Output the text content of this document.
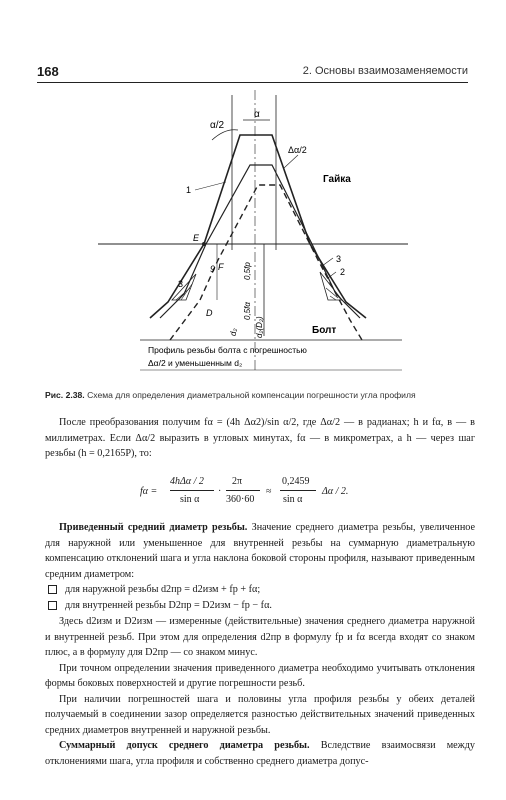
168	2. Основы взаимозаменяемости
α/2
α
Δα/2
Гайка
Болт
1
2
3
3
E
F
D
9	0,5fp
0,5fα
d₂(D₂)
d₂
Профиль резьбы болта с погрешностью
Δα/2 и уменьшенным d₂
Рис. 2.38. Схема для определения диаметральной компенсации погрешности угла профиля

После преобразования получим fα = (4h Δα2)/sin α/2, где Δα/2 — в радианах; h и fα, в — в миллиметрах. Если Δα/2 выразить в угловых минутах, fα — в микрометрах, а h — через шаг резьбы (h = 0,2165P), то:

fα =
4hΔα / 2
sin α
·
2π
360·60
≈
0,2459
sin α
Δα / 2.

Приведенный средний диаметр резьбы. Значение среднего диаметра резьбы, увеличенное для наружной или уменьшенное для внутренней резьбы на суммарную диаметральную компенсацию отклонений шага и угла наклона боковой стороны профиля, называют приведенным средним диаметром:

для наружной резьбы d2пр = d2изм + fp + fα;
для внутренней резьбы D2пр = D2изм − fp − fα.

Здесь d2изм и D2изм — измеренные (действительные) значения среднего диаметра наружной и внутренней резьб. При этом для определения d2пр в формулу fp и fα всегда входят со знаком плюс, а в формулу для D2пр — со знаком минус.

При точном определении значения приведенного диаметра необходимо учитывать отклонения формы боковых поверхностей и другие погрешности резьб.

При наличии погрешностей шага и половины угла профиля резьбы у обеих деталей получаемый в соединении зазор определяется разностью действительных значений приведенных средних диаметров внутренней и наружной резьбы.

Суммарный допуск среднего диаметра резьбы. Вследствие взаимосвязи между отклонениями шага, угла профиля и собственно среднего диаметра допус-
